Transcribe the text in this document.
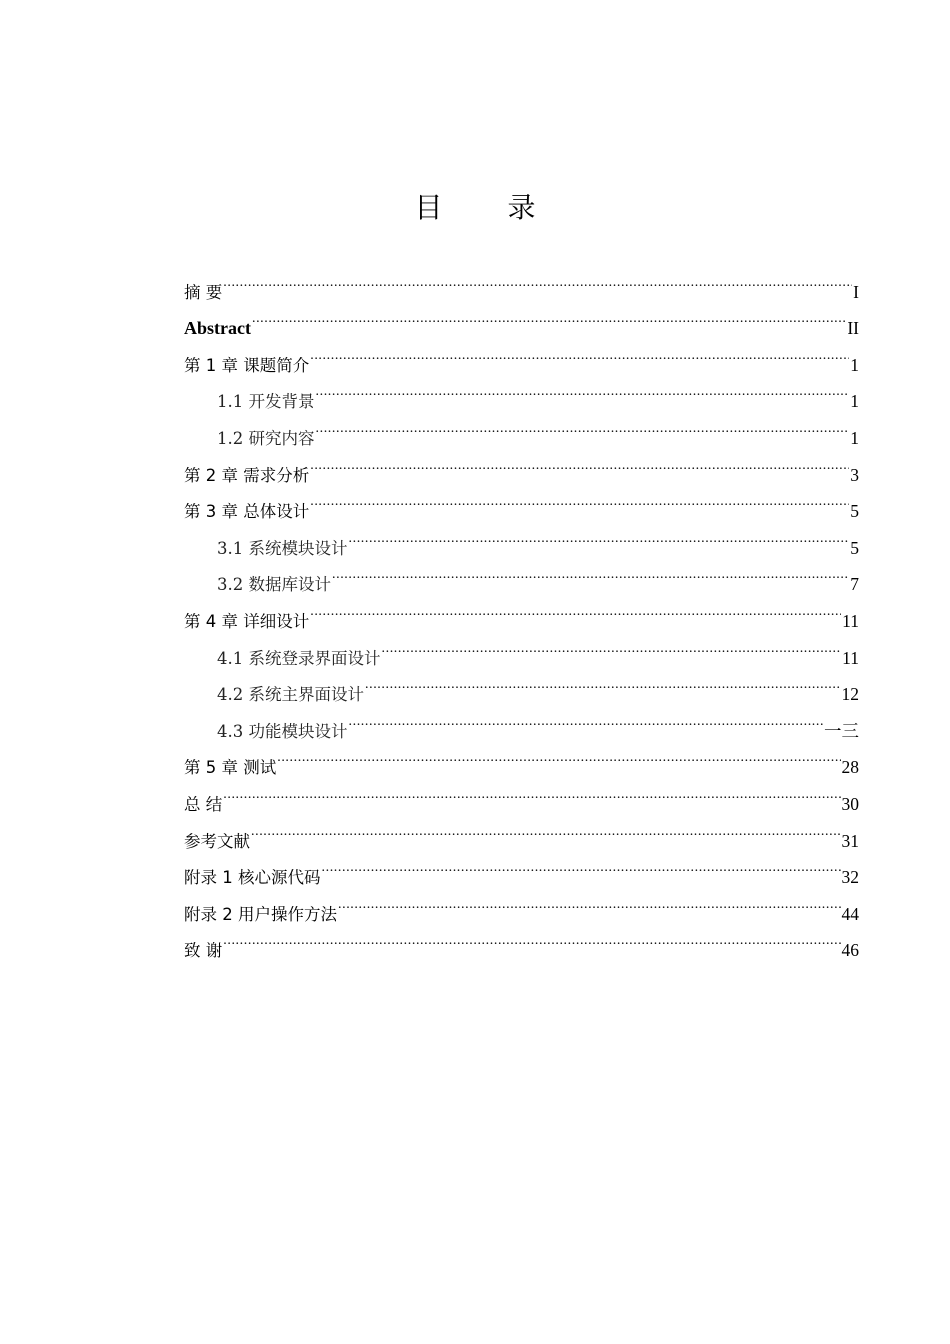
目 录
摘 要 .....	I
Abstract .....	II
第 1 章 课题简介 .....	1
1.1 开发背景 .....	1
1.2 研究内容 .....	1
第 2 章 需求分析 .....	3
第 3 章 总体设计 .....	5
3.1 系统模块设计 .....	5
3.2 数据库设计 .....	7
第 4 章 详细设计 .....	11
4.1 系统登录界面设计 .....	11
4.2 系统主界面设计 .....	12
4.3 功能模块设计 .....	一三
第 5 章 测试 .....	28
总 结 .....	30
参考文献 .....	31
附录 1 核心源代码 .....	32
附录 2 用户操作方法 .....	44
致 谢 .....	46
